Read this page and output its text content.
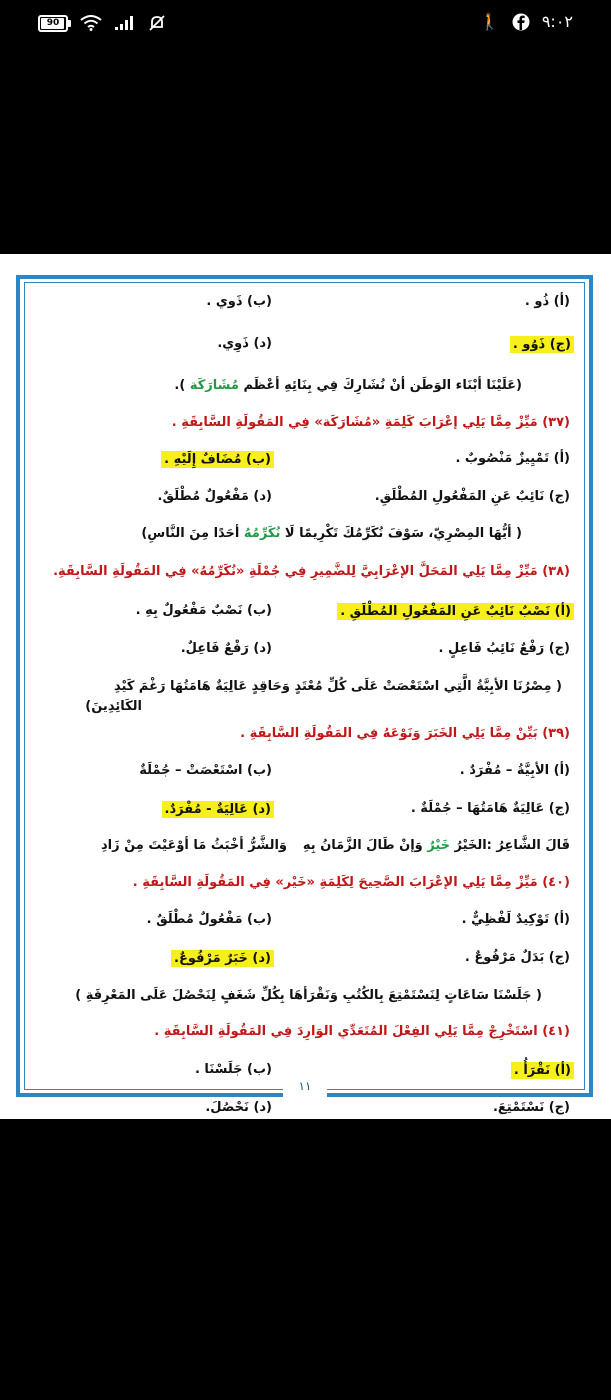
90	🚶	٩:٠٢
١١
(أ) ذُو .
(ب) ذَوي .
(ج) ذَوُو .
(د) ذَوِي.
(عَلَيْنَا أبْنَاء الوَطَن أنْ نُشَارِكَ فِي بِنَائِهِ أعْظَم مُشَارَكَة ).
(٣٧) مَيِّزْ مِمَّا يَلِي إعْرَابَ كَلِمَةِ «مُشَارَكَة» فِي المَقُولَةِ السَّابِقَةِ .
(أ) تَمْيِيزٌ مَنْصُوبٌ .
(ب) مُضَافٌ إِلَيْهِ .
(ج) نَائِبٌ عَنِ المَفْعُولِ المُطْلَقِ.
(د) مَفْعُولٌ مُطْلَقٌ.
( أيُّهَا المِصْرِيّ، سَوْفَ نُكَرِّمُكَ تَكْرِيمًا لَا نُكَرِّمُهُ أحَدًا مِنَ النَّاسِ)
(٣٨) مَيِّزْ مِمَّا يَلِي المَحَلَّ الإعْرَابِيَّ لِلضَّمِيرِ فِي جُمْلَةِ «نُكَرِّمُهُ» فِي المَقُولَةِ السَّابِقَةِ.
(أ) نَصْبٌ نَائِبٌ عَنِ المَفْعُولِ المُطْلَقِ .
(ب) نَصْبٌ مَفْعُولٌ بِهِ .
(ج) رَفْعٌ نَائِبُ فَاعِلٍ .
(د) رَفْعٌ فَاعِلٌ.
( مِصْرُنَا الأبِيَّةُ الَّتِي اسْتَعْصَتْ عَلَى كُلِّ مُعْتَدٍ وَحَاقِدٍ عَالِيَةٌ هَامَتُهَا رَغْمَ كَيْدِ
الكَائِدِينَ)
(٣٩) بَيِّنْ مِمَّا يَلِي الخَبَرَ وَنَوْعَهُ فِي المَقُولَةِ السَّابِقَةِ .
(أ) الأبِيَّةُ – مُفْرَدٌ .
(ب) اسْتَعْصَتْ – جُمْلَةٌ
(ج) عَالِيَةٌ هَامَتُهَا – جُمْلَةٌ .
(د) عَالِيَةٌ - مُفْرَدٌ.
قَالَ الشَّاعِرُ :الخَيْرُ خَيْرٌ وَإنْ طَالَ الزَّمَانُ بِهِ
وَالشَّرُّ أخْبَثُ مَا أوْعَيْتَ مِنْ زَادِ
(٤٠) مَيِّزْ مِمَّا يَلِي الإعْرَابَ الصَّحِيحَ لِكَلِمَةِ «خَيْر» فِي المَقُولَةِ السَّابِقَةِ .
(أ) تَوْكِيدٌ لَفْظِيٌّ .
(ب) مَفْعُولٌ مُطْلَقٌ .
(ج) بَدَلٌ مَرْفُوعٌ .
(د) خَبَرٌ مَرْفُوعٌ.
( جَلَسْنَا سَاعَاتٍ لِنَسْتَمْتِعَ بِالكُتُبِ وَنَقْرَأهَا بِكُلِّ شَغَفٍ لِنَحْصُلَ عَلَى المَعْرِفَةِ )
(٤١) اسْتَخْرِجْ مِمَّا يَلِي الفِعْلَ المُتَعَدِّي الوَارِدَ فِي المَقُولَةِ السَّابِقَةِ .
(أ) نَقْرَأُ .
(ب) جَلَسْنَا .
(ج) نَسْتَمْتِعَ.
(د) نَحْصُلَ.
